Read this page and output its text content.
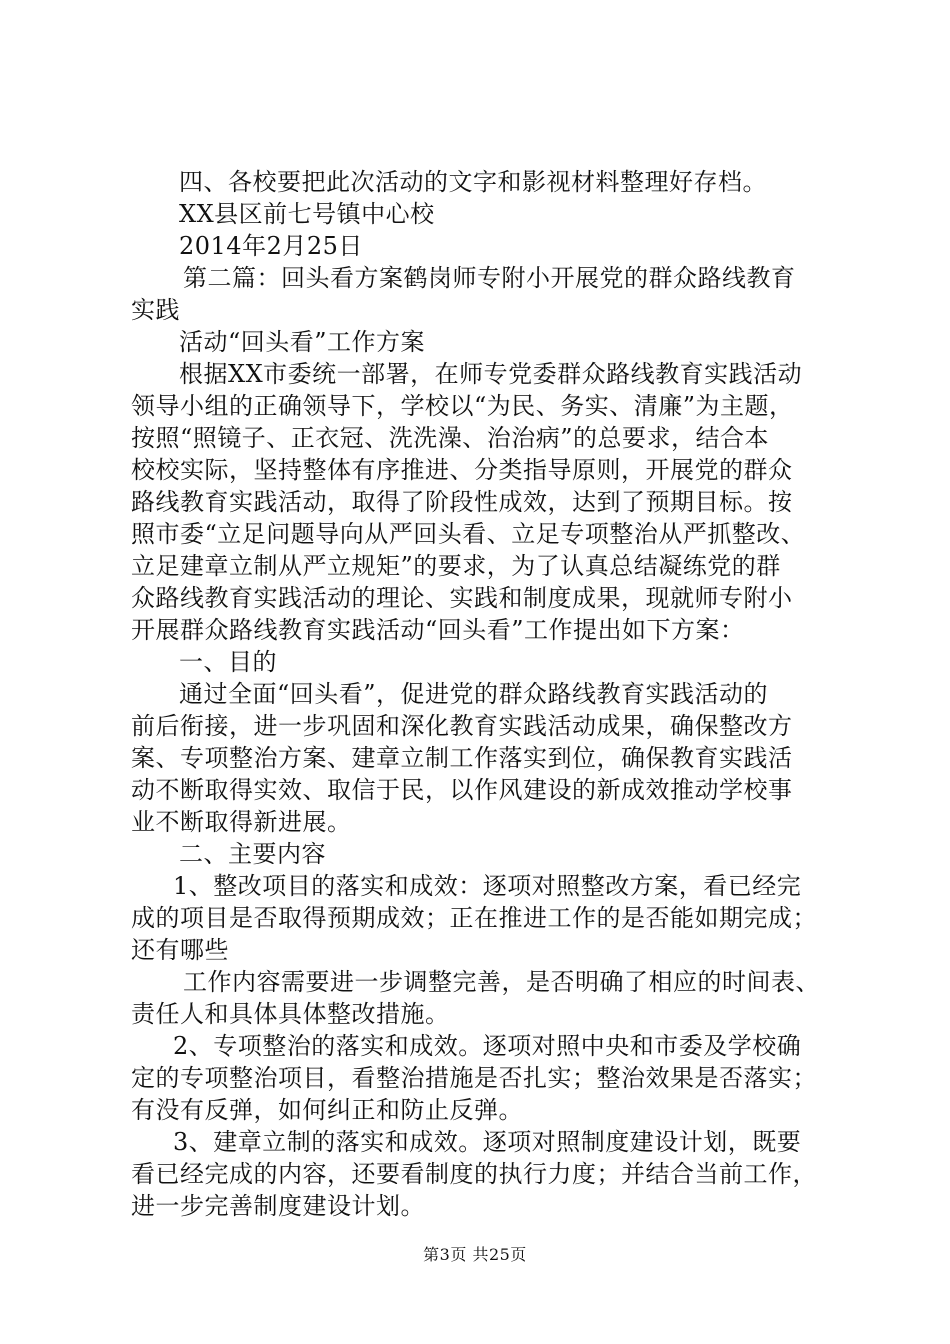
四、各校要把此次活动的文字和影视材料整理好存档。
XX县区前七号镇中心校
2014年2月25日
第二篇：回头看方案鹤岗师专附小开展党的群众路线教育
实践
活动“回头看”工作方案
根据XX市委统一部署，在师专党委群众路线教育实践活动
领导小组的正确领导下，学校以“为民、务实、清廉”为主题，
按照“照镜子、正衣冠、洗洗澡、治治病”的总要求，结合本
校校实际，坚持整体有序推进、分类指导原则，开展党的群众
路线教育实践活动，取得了阶段性成效，达到了预期目标。按
照市委“立足问题导向从严回头看、立足专项整治从严抓整改、
立足建章立制从严立规矩”的要求，为了认真总结凝练党的群
众路线教育实践活动的理论、实践和制度成果，现就师专附小
开展群众路线教育实践活动“回头看”工作提出如下方案：
一、目的
通过全面“回头看”，促进党的群众路线教育实践活动的
前后衔接，进一步巩固和深化教育实践活动成果，确保整改方
案、专项整治方案、建章立制工作落实到位，确保教育实践活
动不断取得实效、取信于民，以作风建设的新成效推动学校事
业不断取得新进展。
二、主要内容
1、整改项目的落实和成效：逐项对照整改方案，看已经完
成的项目是否取得预期成效；正在推进工作的是否能如期完成；
还有哪些
工作内容需要进一步调整完善，是否明确了相应的时间表、
责任人和具体具体整改措施。
2、专项整治的落实和成效。逐项对照中央和市委及学校确
定的专项整治项目，看整治措施是否扎实；整治效果是否落实；
有没有反弹，如何纠正和防止反弹。
3、建章立制的落实和成效。逐项对照制度建设计划，既要
看已经完成的内容，还要看制度的执行力度；并结合当前工作，
进一步完善制度建设计划。
第3页 共25页
